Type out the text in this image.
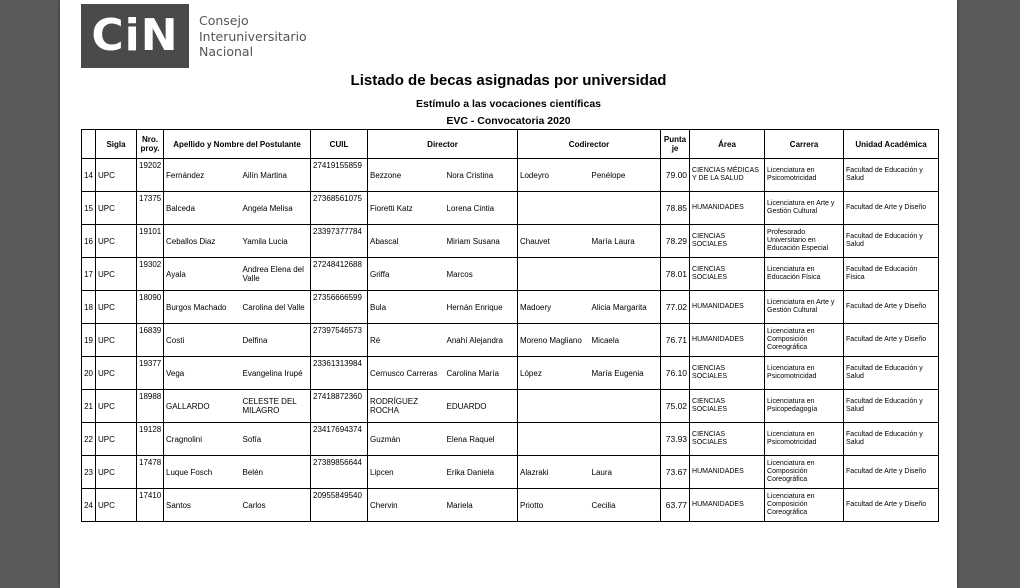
CiN	Consejo
Interuniversitario
Nacional
Listado de becas asignadas por universidad
Estímulo a las vocaciones científicas
EVC - Convocatoria 2020
	Sigla	Nro. proy.	Apellido y Nombre del Postulante		CUIL	Director		Codirector		Puntaje	Área	Carrera	Unidad Académica
14	UPC	19202	Fernández	Ailín Martina	27419155859	Bezzone	Nora Cristina	Lodeyro	Penélope	79.00	CIENCIAS MÉDICAS Y DE LA SALUD	Licenciatura en Psicomotricidad	Facultad de Educación y Salud
15	UPC	17375	Balceda	Angela Melisa	27368561075	Fioretti Katz	Lorena Cintia			78.85	HUMANIDADES	Licenciatura en Arte y Gestión Cultural	Facultad de Arte y Diseño
16	UPC	19101	Ceballos Diaz	Yamila Lucia	23397377784	Abascal	Miriam Susana	Chauvet	María Laura	78.29	CIENCIAS SOCIALES	Profesorado Universitario en Educación Especial	Facultad de Educación y Salud
17	UPC	19302	Ayala	Andrea Elena del Valle	27248412688	Griffa	Marcos			78.01	CIENCIAS SOCIALES	Licenciatura en Educación Física	Facultad de Educación Física
18	UPC	18090	Burgos Machado	Carolina del Valle	27356666599	Bula	Hernán Enrique	Madoery	Alicia Margarita	77.02	HUMANIDADES	Licenciatura en Arte y Gestión Cultural	Facultad de Arte y Diseño
19	UPC	16839	Costi	Delfina	27397546573	Ré	Anahí Alejandra	Moreno Magliano	Micaela	76.71	HUMANIDADES	Licenciatura en Composición Coreográfica	Facultad de Arte y Diseño
20	UPC	19377	Vega	Evangelina Irupé	23361313984	Cernusco Carreras	Carolina María	López	María Eugenia	76.10	CIENCIAS SOCIALES	Licenciatura en Psicomotricidad	Facultad de Educación y Salud
21	UPC	18988	GALLARDO	CELESTE DEL MILAGRO	27418872360	RODRÍGUEZ ROCHA	EDUARDO			75.02	CIENCIAS SOCIALES	Licenciatura en Psicopedagogía	Facultad de Educación y Salud
22	UPC	19128	Cragnolini	Sofía	23417694374	Guzmán	Elena Raquel			73.93	CIENCIAS SOCIALES	Licenciatura en Psicomotricidad	Facultad de Educación y Salud
23	UPC	17478	Luque Fosch	Belén	27389856644	Lipcen	Erika Daniela	Alazraki	Laura	73.67	HUMANIDADES	Licenciatura en Composición Coreográfica	Facultad de Arte y Diseño
24	UPC	17410	Santos	Carlos	20955849540	Chervin	Mariela	Priotto	Cecilia	63.77	HUMANIDADES	Licenciatura en Composición Coreográfica	Facultad de Arte y Diseño
